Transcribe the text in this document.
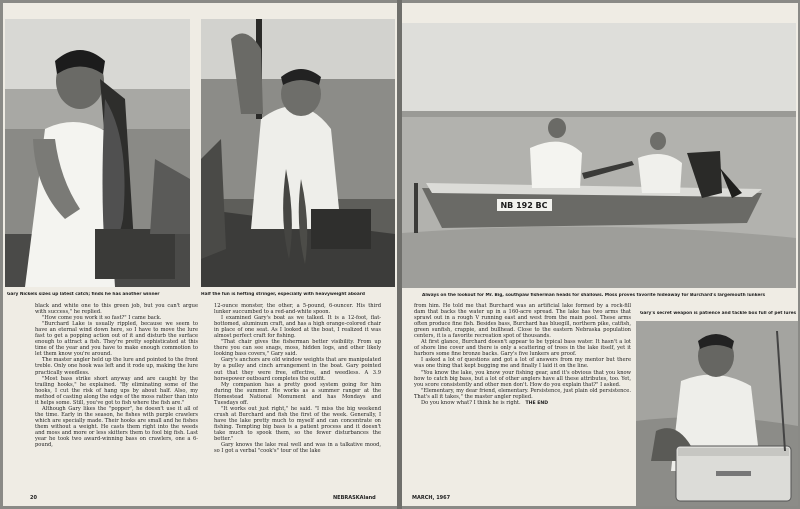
Gary Nickels sizes up latest catch; finds he has another winner	Half the fun is hefting stringer, especially with heavyweight aboard

black and white one to this green job, but you can't argue with success," he replied.

"How come you work it so fast?" I came back.

"Burchard Lake is usually rippled, because we seem to have an eternal wind down here, so I have to move the lure fast to get a popping action out of it and disturb the surface enough to attract a fish. They're pretty sophisticated at this time of the year and you have to make enough commotion to let them know you're around.

The master angler held up the lure and pointed to the front treble. Only one hook was left and it rode up, making the lure practically weedless.

"Most bass strike short anyway and are caught by the trailing hooks," he explained. "By eliminating some of the hooks, I cut the risk of hang ups by about half. Also, my method of casting along the edge of the moss rather than into it helps some. Still, you've got to fish where the fish are."

Although Gary likes the "popper", he doesn't use it all of the time. Early in the season, he fishes with purple crawlers which are specially made. Their hooks are small and he fishes them without a weight. He casts them right into the weeds and moss and more or less skitters them to fool big fish. Last year he took two award-winning bass on crawlers, one a 6-pound,

12-ounce monster, the other, a 5-pound, 6-ouncer. His third lunker succumbed to a red-and-white spoon.

I examined Gary's boat as we talked. It is a 12-foot, flat-bottomed, aluminum craft, and has a high orange-colored chair in place of one seat. As I looked at the boat, I realized it was almost perfect craft for fishing.

"That chair gives the fisherman better visibility. From up there you can see snags, moss, hidden logs, and other likely looking bass covers," Gary said.

Gary's anchors are old window weights that are manipulated by a pulley and cinch arrangement in the boat. Gary pointed out that they were free, effective, and weedless. A 3.9 horsepower outboard completes the outfit.

My companion has a pretty good system going for him during the summer. He works as a summer ranger at the Homestead National Monument and has Mondays and Tuesdays off.

"It works out just right," he said. "I miss the big weekend crush at Burchard and fish the first of the week. Generally, I have the lake pretty much to myself and can concentrate on fishing. Tempting big bass is a patient process and it doesn't take much to spook them, so the fewer disturbances the better."

Gary knows the lake real well and was in a talkative mood, so I got a verbal "cook's" tour of the lake

20	NEBRASKAland
NB 192 BC
Always on the lookout for Mr. Big, southpaw fisherman heads for shallows. Moss proves favorite hideaway for Burchard's largemouth lunkers
Gary's secret weapon is patience and tackle box full of pet lures

from him. He told me that Burchard was an artificial lake formed by a rock-fill dam that backs the water up in a 160-acre spread. The lake has two arms that sprawl out in a rough V running east and west from the main pool. These arms often produce fine fish. Besides bass, Burchard has bluegill, northern pike, catfish, green sunfish, crappie, and bullhead. Close to the eastern Nebraska population centers, it is a favorite recreation spot of thousands.

At first glance, Burchard doesn't appear to be typical bass water. It hasn't a lot of shore line cover and there is only a scattering of trees in the lake itself, yet it harbors some fine bronze backs. Gary's five lunkers are proof.

I asked a lot of questions and got a lot of answers from my mentor but there was one thing that kept bugging me and finally I laid it on the line.

"You know the lake, you know your fishing gear, and it's obvious that you know how to catch big bass, but a lot of other anglers have all these attributes, too. Yet, you score consistently and other men don't. How do you explain that?" I asked.

"Elementary, my dear friend, elementary. Persistence, just plain old persistence. That's all it takes," the master angler replied.

Do you know what? I think he is right. THE END

MARCH, 1967
